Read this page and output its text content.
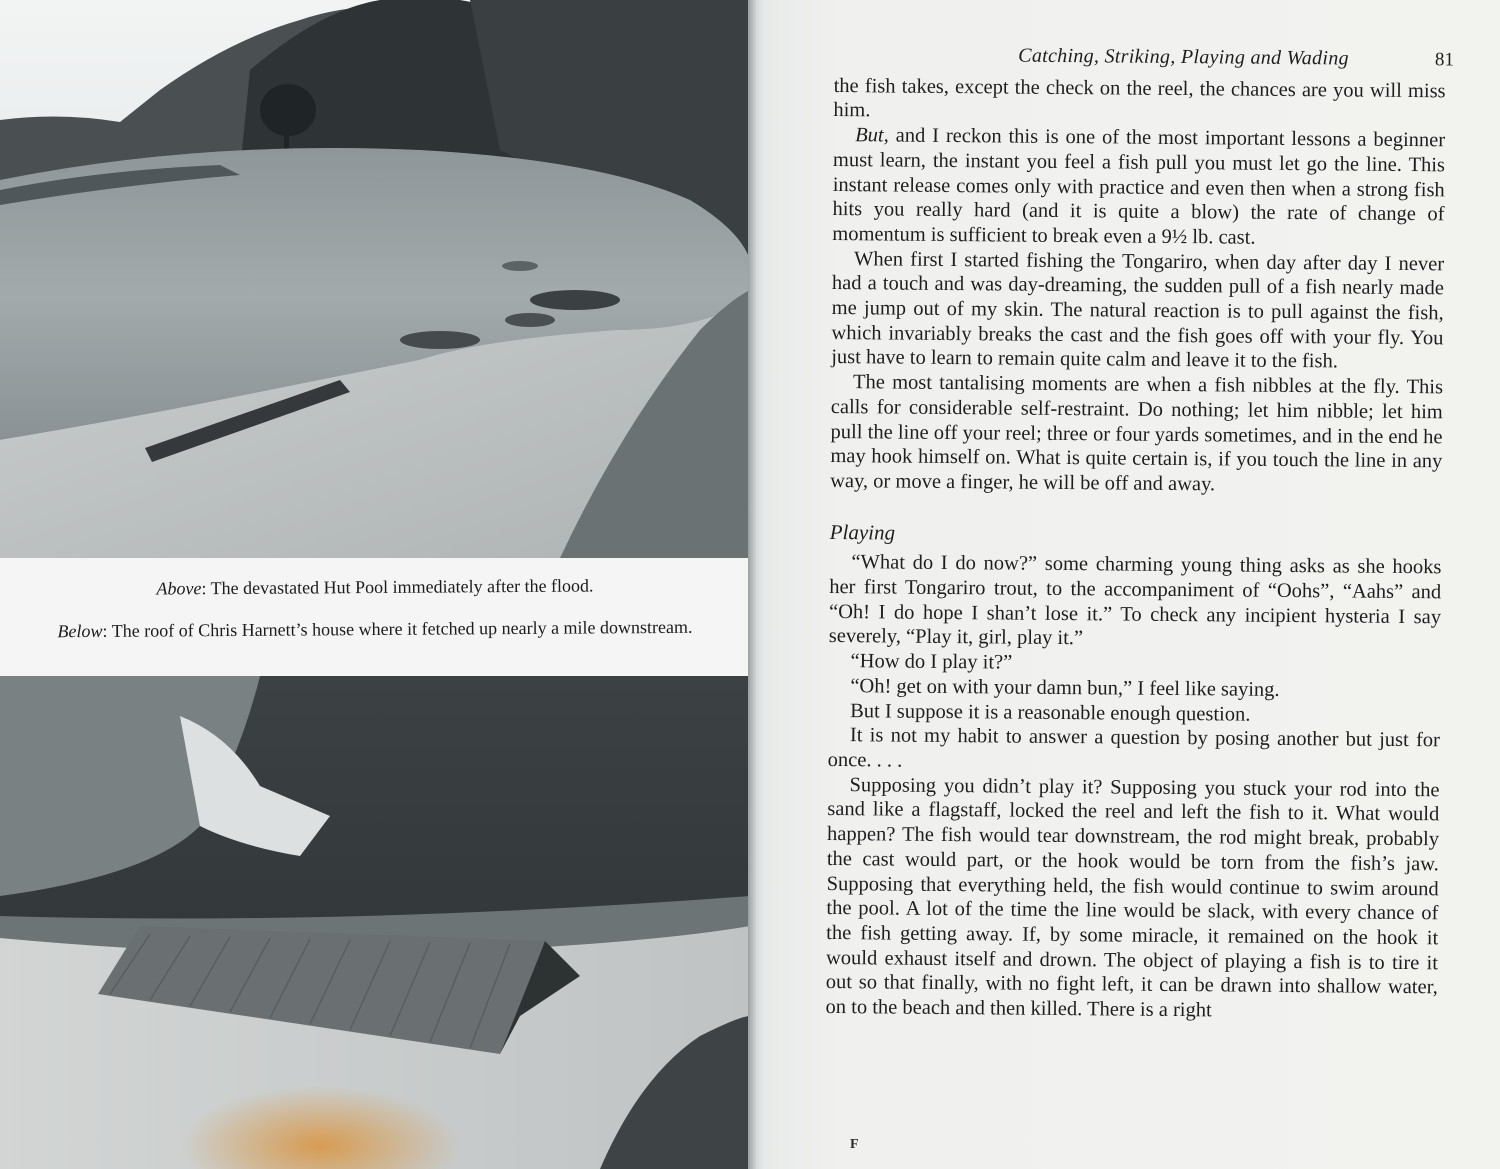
Above: The devastated Hut Pool immediately after the flood.
Below: The roof of Chris Harnett’s house where it fetched up nearly a mile downstream.
Catching, Striking, Playing and Wading	81

the fish takes, except the check on the reel, the chances are you will miss him.

But, and I reckon this is one of the most important lessons a beginner must learn, the instant you feel a fish pull you must let go the line. This instant release comes only with practice and even then when a strong fish hits you really hard (and it is quite a blow) the rate of change of momentum is sufficient to break even a 9½ lb. cast.

When first I started fishing the Tongariro, when day after day I never had a touch and was day-dreaming, the sudden pull of a fish nearly made me jump out of my skin. The natural reaction is to pull against the fish, which invariably breaks the cast and the fish goes off with your fly. You just have to learn to remain quite calm and leave it to the fish.

The most tantalising moments are when a fish nibbles at the fly. This calls for considerable self-restraint. Do nothing; let him nibble; let him pull the line off your reel; three or four yards sometimes, and in the end he may hook himself on. What is quite certain is, if you touch the line in any way, or move a finger, he will be off and away.

Playing

“What do I do now?” some charming young thing asks as she hooks her first Tongariro trout, to the accompaniment of “Oohs”, “Aahs” and “Oh! I do hope I shan’t lose it.” To check any incipient hysteria I say severely, “Play it, girl, play it.”

“How do I play it?”

“Oh! get on with your damn bun,” I feel like saying.

But I suppose it is a reasonable enough question.

It is not my habit to answer a question by posing another but just for once. . . .

Supposing you didn’t play it? Supposing you stuck your rod into the sand like a flagstaff, locked the reel and left the fish to it. What would happen? The fish would tear downstream, the rod might break, probably the cast would part, or the hook would be torn from the fish’s jaw. Supposing that everything held, the fish would continue to swim around the pool. A lot of the time the line would be slack, with every chance of the fish getting away. If, by some miracle, it remained on the hook it would exhaust itself and drown. The object of playing a fish is to tire it out so that finally, with no fight left, it can be drawn into shallow water, on to the beach and then killed. There is a right

F
